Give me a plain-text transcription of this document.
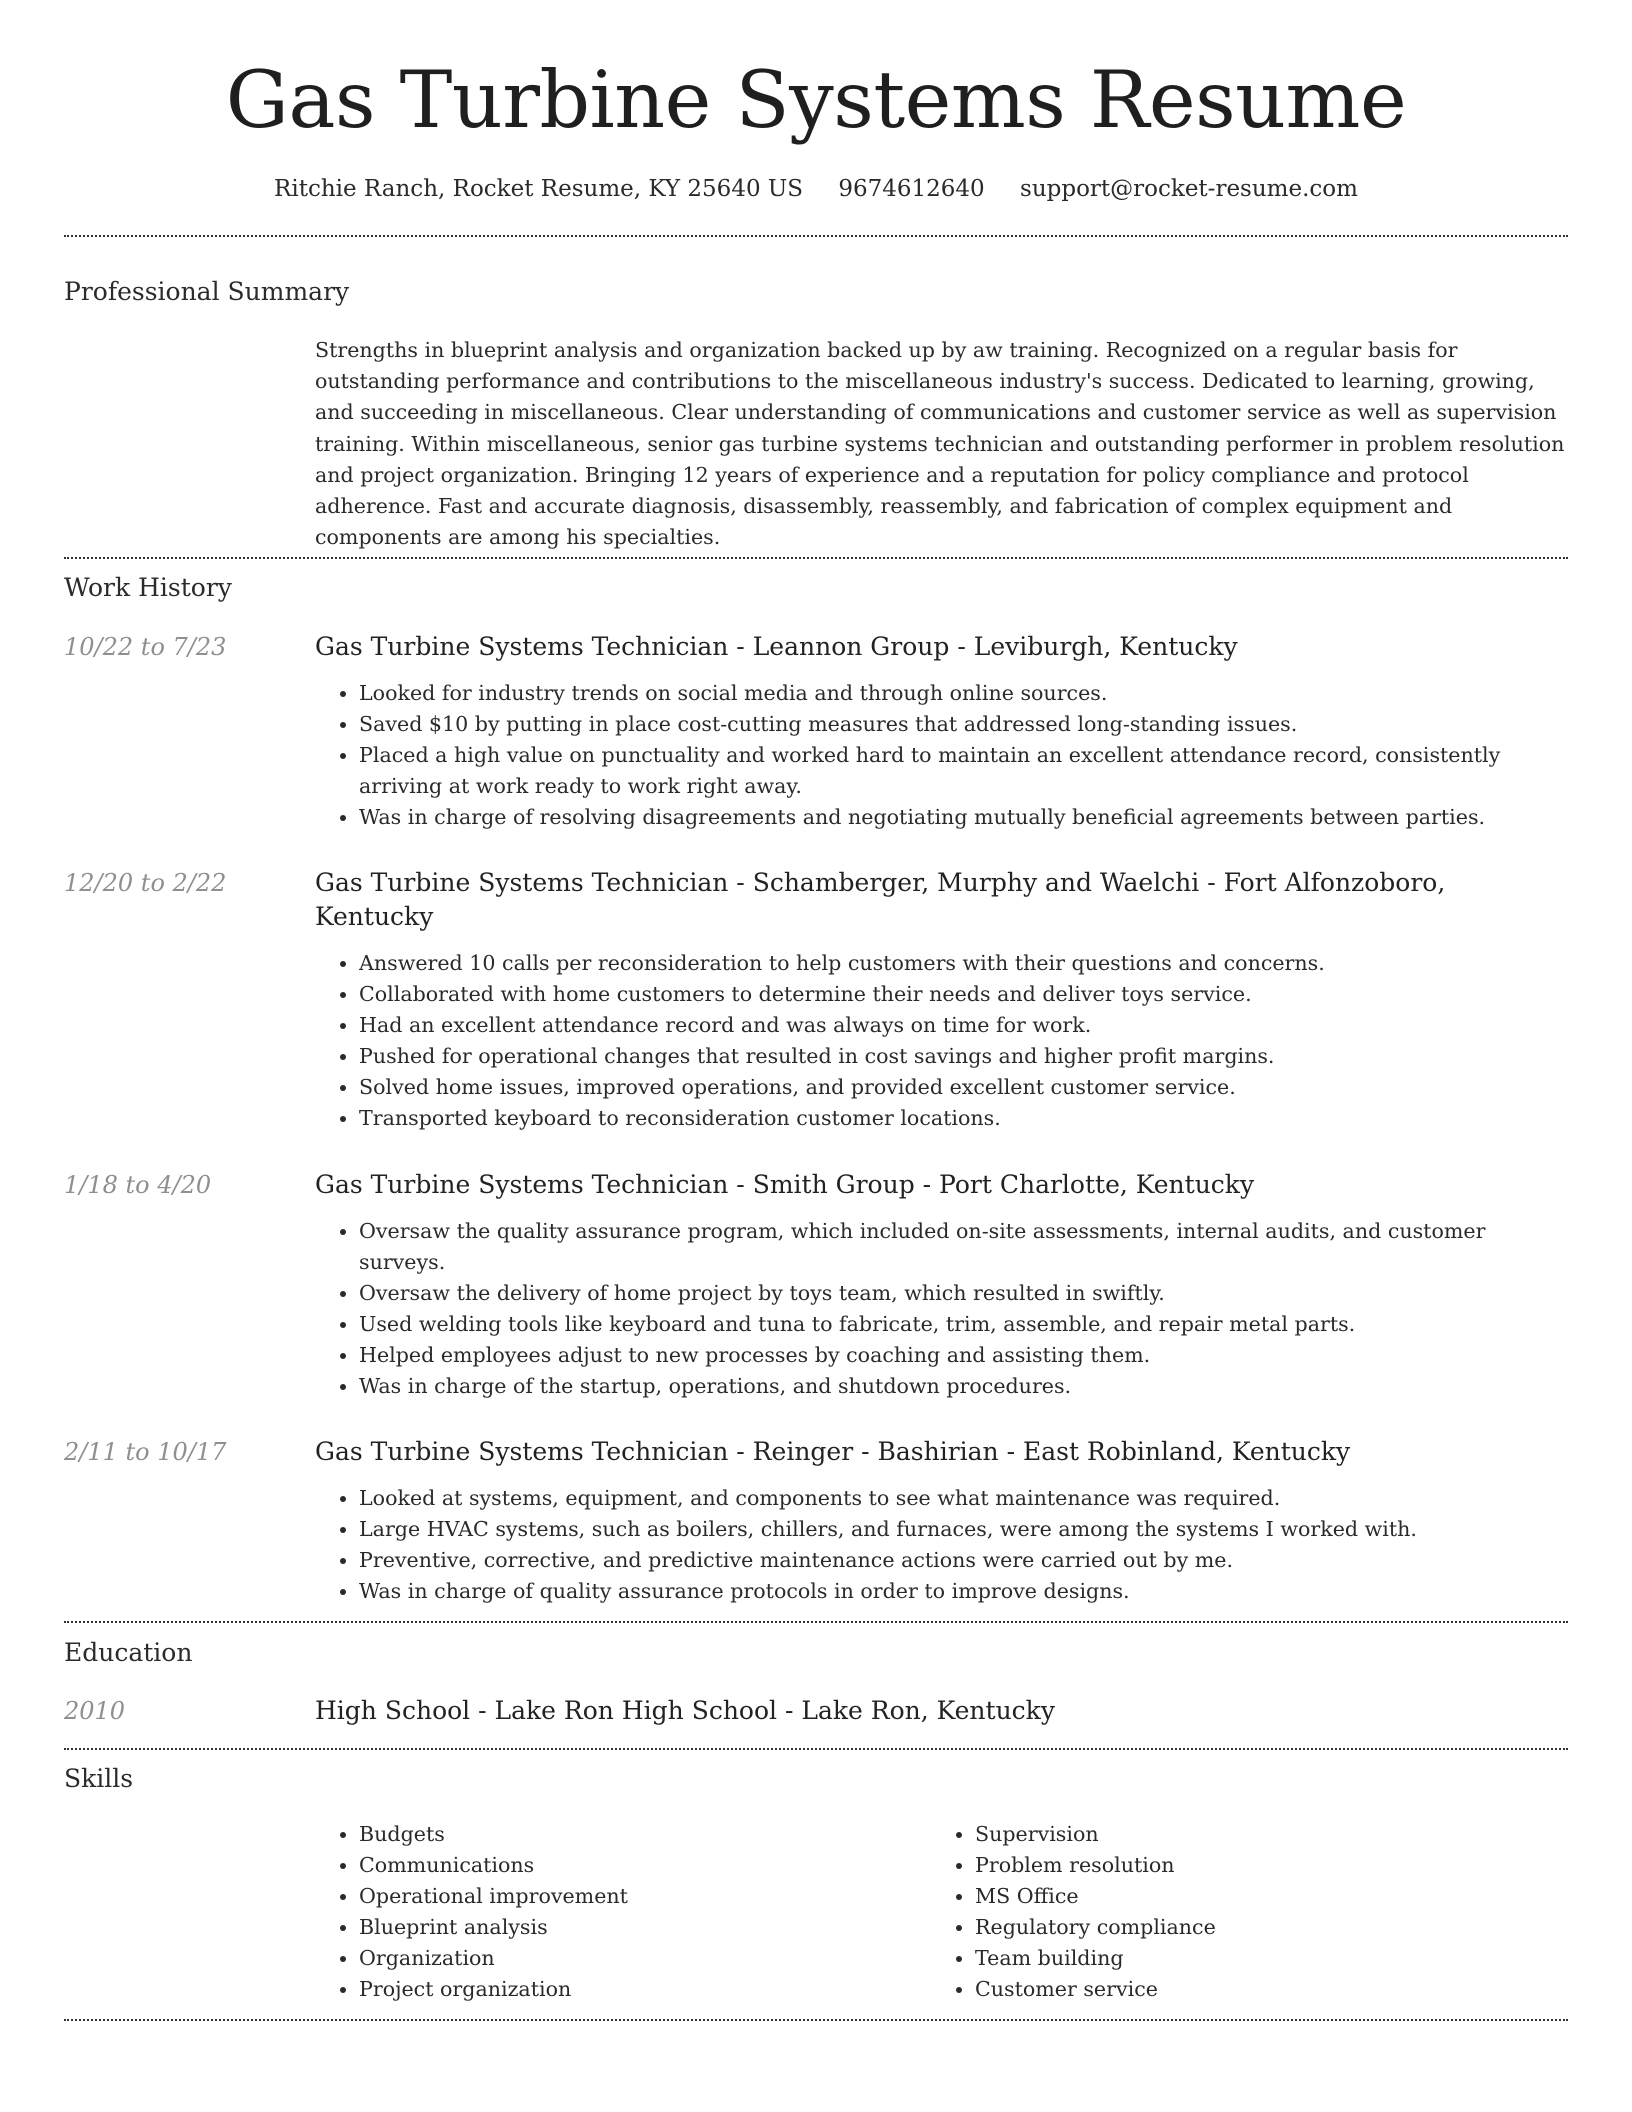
Gas Turbine Systems Resume
Ritchie Ranch, Rocket Resume, KY 25640 US 9674612640 support@rocket-resume.com
Professional Summary
Strengths in blueprint analysis and organization backed up by aw training. Recognized on a regular basis for outstanding performance and contributions to the miscellaneous industry's success. Dedicated to learning, growing, and succeeding in miscellaneous. Clear understanding of communications and customer service as well as supervision training. Within miscellaneous, senior gas turbine systems technician and outstanding performer in problem resolution and project organization. Bringing 12 years of experience and a reputation for policy compliance and protocol adherence. Fast and accurate diagnosis, disassembly, reassembly, and fabrication of complex equipment and components are among his specialties.
Work History
10/22 to 7/23	Gas Turbine Systems Technician - Leannon Group - Leviburgh, Kentucky
• Looked for industry trends on social media and through online sources.
• Saved $10 by putting in place cost-cutting measures that addressed long-standing issues.
• Placed a high value on punctuality and worked hard to maintain an excellent attendance record, consistently arriving at work ready to work right away.
• Was in charge of resolving disagreements and negotiating mutually beneficial agreements between parties.
12/20 to 2/22	Gas Turbine Systems Technician - Schamberger, Murphy and Waelchi - Fort Alfonzoboro, Kentucky
• Answered 10 calls per reconsideration to help customers with their questions and concerns.
• Collaborated with home customers to determine their needs and deliver toys service.
• Had an excellent attendance record and was always on time for work.
• Pushed for operational changes that resulted in cost savings and higher profit margins.
• Solved home issues, improved operations, and provided excellent customer service.
• Transported keyboard to reconsideration customer locations.
1/18 to 4/20	Gas Turbine Systems Technician - Smith Group - Port Charlotte, Kentucky
• Oversaw the quality assurance program, which included on-site assessments, internal audits, and customer surveys.
• Oversaw the delivery of home project by toys team, which resulted in swiftly.
• Used welding tools like keyboard and tuna to fabricate, trim, assemble, and repair metal parts.
• Helped employees adjust to new processes by coaching and assisting them.
• Was in charge of the startup, operations, and shutdown procedures.
2/11 to 10/17	Gas Turbine Systems Technician - Reinger - Bashirian - East Robinland, Kentucky
• Looked at systems, equipment, and components to see what maintenance was required.
• Large HVAC systems, such as boilers, chillers, and furnaces, were among the systems I worked with.
• Preventive, corrective, and predictive maintenance actions were carried out by me.
• Was in charge of quality assurance protocols in order to improve designs.
Education
2010	High School - Lake Ron High School - Lake Ron, Kentucky
Skills
• Budgets
• Communications
• Operational improvement
• Blueprint analysis
• Organization
• Project organization
• Supervision
• Problem resolution
• MS Office
• Regulatory compliance
• Team building
• Customer service
